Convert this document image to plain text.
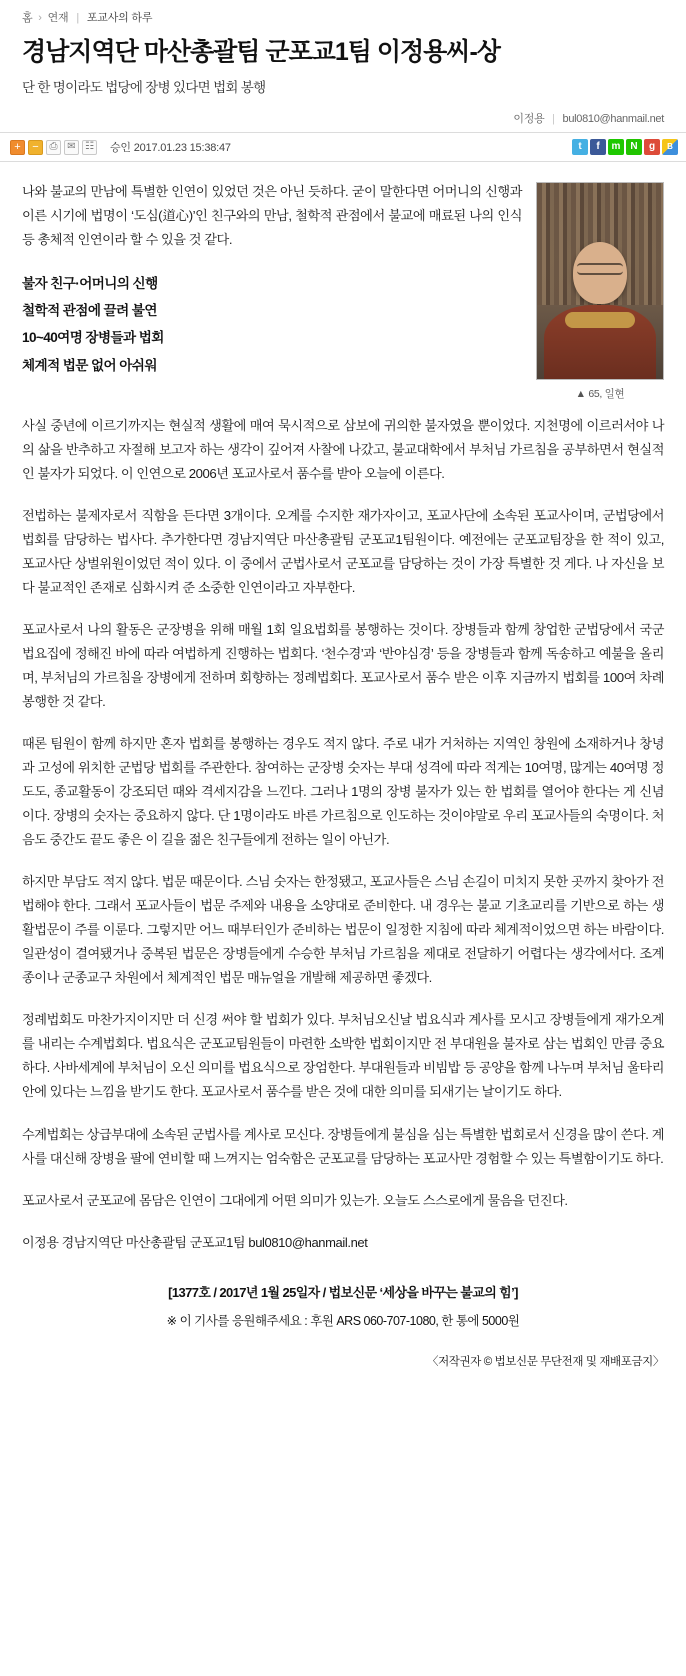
홈 › 연재 | 포교사의 하루
경남지역단 마산총괄팀 군포교1팀 이정용씨-상
단 한 명이라도 법당에 장병 있다면 법회 봉행
이정용 | bul0810@hanmail.net
+	−	⎙ ✉ ☷ 승인 2017.01.23 15:38:47	t	f	m N	g	B
▲ 65, 일현

나와 불교의 만남에 특별한 인연이 있었던 것은 아닌 듯하다. 굳이 말한다면 어머니의 신행과 이른 시기에 법명이 ‘도심(道心)’인 친구와의 만남, 철학적 관점에서 불교에 매료된 나의 인식 등 총체적 인연이라 할 수 있을 것 같다.

불자 친구·어머니의 신행
철학적 관점에 끌려 불연
10~40여명 장병들과 법회
체계적 법문 없어 아쉬워

사실 중년에 이르기까지는 현실적 생활에 매여 묵시적으로 삼보에 귀의한 불자였을 뿐이었다. 지천명에 이르러서야 나의 삶을 반추하고 자절해 보고자 하는 생각이 깊어져 사찰에 나갔고, 불교대학에서 부처님 가르침을 공부하면서 현실적인 불자가 되었다. 이 인연으로 2006년 포교사로서 품수를 받아 오늘에 이른다.

전법하는 불제자로서 직함을 든다면 3개이다. 오계를 수지한 재가자이고, 포교사단에 소속된 포교사이며, 군법당에서 법회를 담당하는 법사다. 추가한다면 경남지역단 마산총괄팀 군포교1팀원이다. 예전에는 군포교팀장을 한 적이 있고, 포교사단 상벌위원이었던 적이 있다. 이 중에서 군법사로서 군포교를 담당하는 것이 가장 특별한 것 게다. 나 자신을 보다 불교적인 존재로 심화시켜 준 소중한 인연이라고 자부한다.

포교사로서 나의 활동은 군장병을 위해 매월 1회 일요법회를 봉행하는 것이다. 장병들과 함께 창업한 군법당에서 국군법요집에 정해진 바에 따라 여법하게 진행하는 법회다. ‘천수경’과 ‘반야심경’ 등을 장병들과 함께 독송하고 예불을 올리며, 부처님의 가르침을 장병에게 전하며 회향하는 정례법회다. 포교사로서 품수 받은 이후 지금까지 법회를 100여 차례 봉행한 것 같다.

때론 팀원이 함께 하지만 혼자 법회를 봉행하는 경우도 적지 않다. 주로 내가 거처하는 지역인 창원에 소재하거나 창녕과 고성에 위치한 군법당 법회를 주관한다. 참여하는 군장병 숫자는 부대 성격에 따라 적게는 10여명, 많게는 40여명 정도도, 종교활동이 강조되던 때와 격세지감을 느낀다. 그러나 1명의 장병 불자가 있는 한 법회를 열어야 한다는 게 신념이다. 장병의 숫자는 중요하지 않다. 단 1명이라도 바른 가르침으로 인도하는 것이야말로 우리 포교사들의 숙명이다. 처음도 중간도 끝도 좋은 이 길을 젊은 친구들에게 전하는 일이 아닌가.

하지만 부담도 적지 않다. 법문 때문이다. 스님 숫자는 한정됐고, 포교사들은 스님 손길이 미치지 못한 곳까지 찾아가 전법해야 한다. 그래서 포교사들이 법문 주제와 내용을 소양대로 준비한다. 내 경우는 불교 기초교리를 기반으로 하는 생활법문이 주를 이룬다. 그렇지만 어느 때부터인가 준비하는 법문이 일정한 지침에 따라 체계적이었으면 하는 바람이다. 일관성이 결여됐거나 중복된 법문은 장병들에게 수승한 부처님 가르침을 제대로 전달하기 어렵다는 생각에서다. 조계종이나 군종교구 차원에서 체계적인 법문 매뉴얼을 개발해 제공하면 좋겠다.

정례법회도 마찬가지이지만 더 신경 써야 할 법회가 있다. 부처님오신날 법요식과 계사를 모시고 장병들에게 재가오계를 내리는 수계법회다. 법요식은 군포교팀원들이 마련한 소박한 법회이지만 전 부대원을 불자로 삼는 법회인 만큼 중요하다. 사바세계에 부처님이 오신 의미를 법요식으로 장엄한다. 부대원들과 비빔밥 등 공양을 함께 나누며 부처님 울타리 안에 있다는 느낌을 받기도 한다. 포교사로서 품수를 받은 것에 대한 의미를 되새기는 날이기도 하다.

수계법회는 상급부대에 소속된 군법사를 계사로 모신다. 장병들에게 불심을 심는 특별한 법회로서 신경을 많이 쓴다. 계사를 대신해 장병을 팔에 연비할 때 느껴지는 엄숙함은 군포교를 담당하는 포교사만 경험할 수 있는 특별함이기도 하다.

포교사로서 군포교에 몸담은 인연이 그대에게 어떤 의미가 있는가. 오늘도 스스로에게 물음을 던진다.

이정용 경남지역단 마산총괄팀 군포교1팀 bul0810@hanmail.net
[1377호 / 2017년 1월 25일자 / 법보신문 ‘세상을 바꾸는 불교의 힘’]
※ 이 기사를 응원해주세요 : 후원 ARS 060-707-1080, 한 통에 5000원
〈저작권자 © 법보신문 무단전재 및 재배포금지〉
